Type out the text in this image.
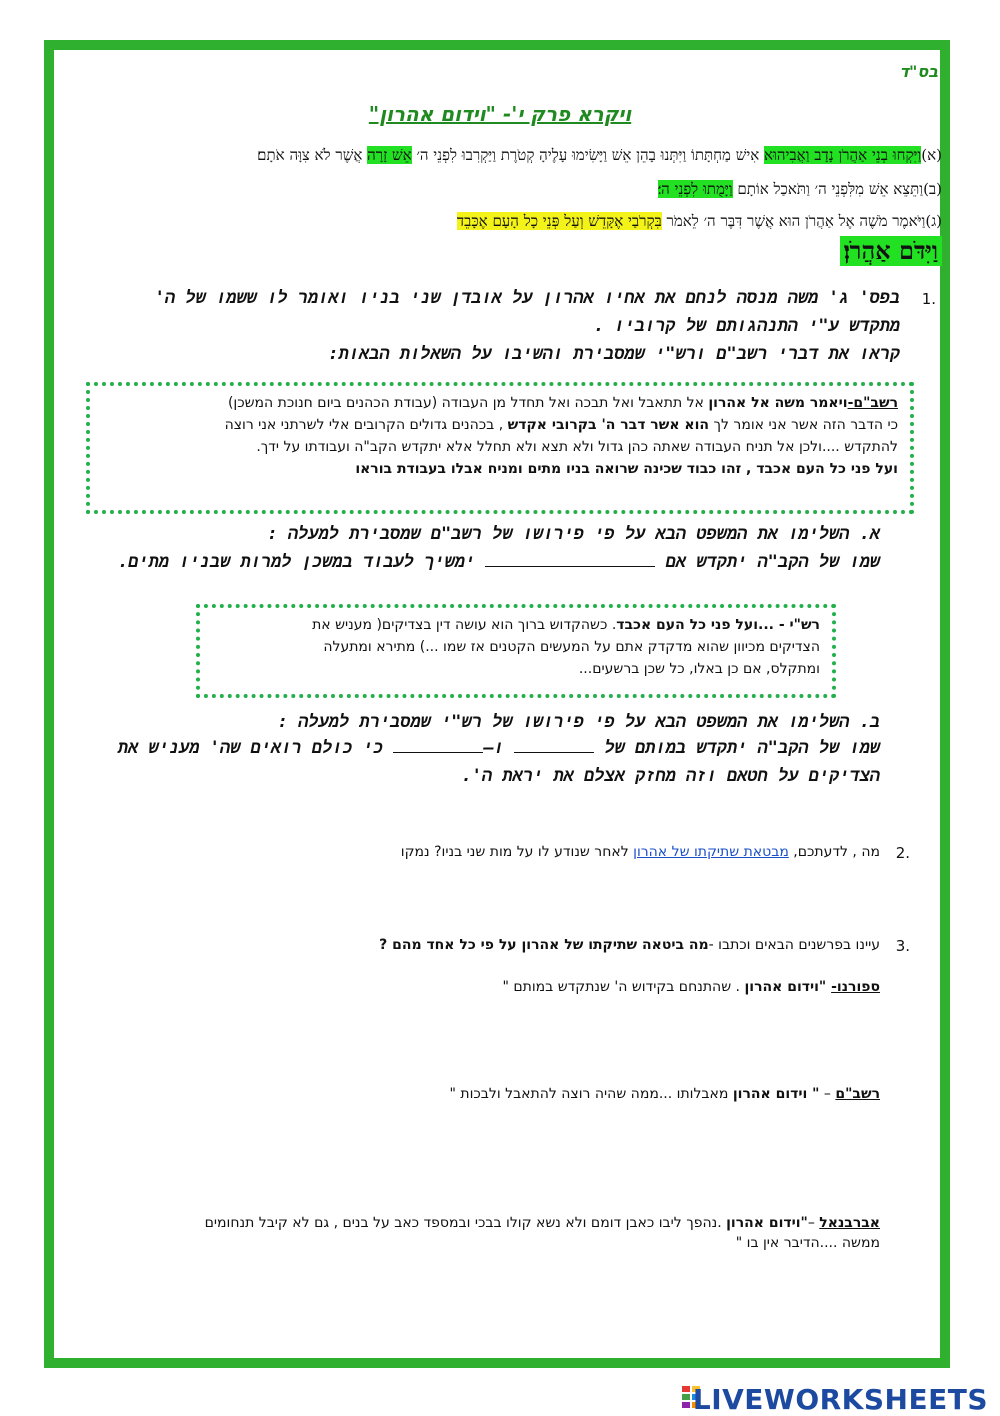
בס"ד
ויקרא פרק י'- "וידום אהרון"
(א)וַיִּקְחוּ בְנֵי אַהֲרֹן נָדָב וַאֲבִיהוּא אִישׁ מַחְתָּתוֹ וַיִּתְּנוּ בָהֵן אֵשׁ וַיָּשִׂימוּ עָלֶיהָ קְטֹרֶת וַיַּקְרִבוּ לִפְנֵי ה׳ אֵשׁ זָרָה אֲשֶׁר לֹא צִוָּה אֹתָם׃
(ב)וַתֵּצֵא אֵשׁ מִלִּפְנֵי ה׳ וַתֹּאכַל אוֹתָם וַיָּמֻתוּ לִפְנֵי ה׳׃
(ג)וַיֹּאמֶר מֹשֶׁה אֶל אַהֲרֹן הוּא אֲשֶׁר דִּבֶּר ה׳ לֵאמֹר בִּקְרֹבַי אֶקָּדֵשׁ וְעַל פְּנֵי כָל הָעָם אֶכָּבֵד
וַיִּדֹּם אַהֲרֹן׃
1.
בפס' ג' משה מנסה לנחם את אחיו אהרון על אובדן שני בניו ואומר לו ששמו של ה'
מתקדש ע"י התנהגותם של קרוביו .
קראו את דברי רשב"ם ורש"י שמסבירת והשיבו על השאלות הבאות:
רשב"ם-ויאמר משה אל אהרון אל תתאבל ואל תבכה ואל תחדל מן העבודה (עבודת הכהנים ביום חנוכת המשכן)
כי הדבר הזה אשר אני אומר לך הוא אשר דבר ה' בקרובי אקדש , בכהנים גדולים הקרובים אלי לשרתני אני רוצה
להתקדש ....ולכן אל תניח העבודה שאתה כהן גדול ולא תצא ולא תחלל אלא יתקדש הקב"ה ועבודתו על ידך.
ועל פני כל העם אכבד , זהו כבוד שכינה שרואה בניו מתים ומניח אבלו בעבודת בוראו
א. השלימו את המשפט הבא על פי פירושו של רשב"ם שמסבירת למעלה :
שמו של הקב"ה יתקדש אם  ימשיך לעבוד במשכן למרות שבניו מתים.
רש"י - ...ועל פני כל העם אכבד. כשהקדוש ברוך הוא עושה דין בצדיקים( מעניש את
הצדיקים מכיוון שהוא מדקדק אתם על המעשים הקטנים אז שמו ...) מתירא ומתעלה
ומתקלס, אם כן באלו, כל שכן ברשעים...
ב. השלימו את המשפט הבא על פי פירושו של רש"י שמסבירת למעלה :
שמו של הקב"ה יתקדש במותם של  ו– כי כולם רואים שה' מעניש את
הצדיקים על חטאם וזה מחזק אצלם את יראת ה'.
2.
מה , לדעתכם, מבטאת שתיקתו של אהרון לאחר שנודע לו על מות שני בניו? נמקו
3.
עיינו בפרשנים הבאים וכתבו -מה ביטאה שתיקתו של אהרון על פי כל אחד מהם ?
ספורנו- "וידום אהרון . שהתנחם בקידוש ה' שנתקדש במותם "
רשב"ם – " וידום אהרון מאבלותו ...ממה שהיה רוצה להתאבל ולבכות "
אברבנאל –"וידום אהרון .נהפך ליבו כאבן דומם ולא נשא קולו בבכי ובמספד כאב על בנים , גם לא קיבל תנחומים
ממשה ....הדיבר אין בו "
LIVEWORKSHEETS
